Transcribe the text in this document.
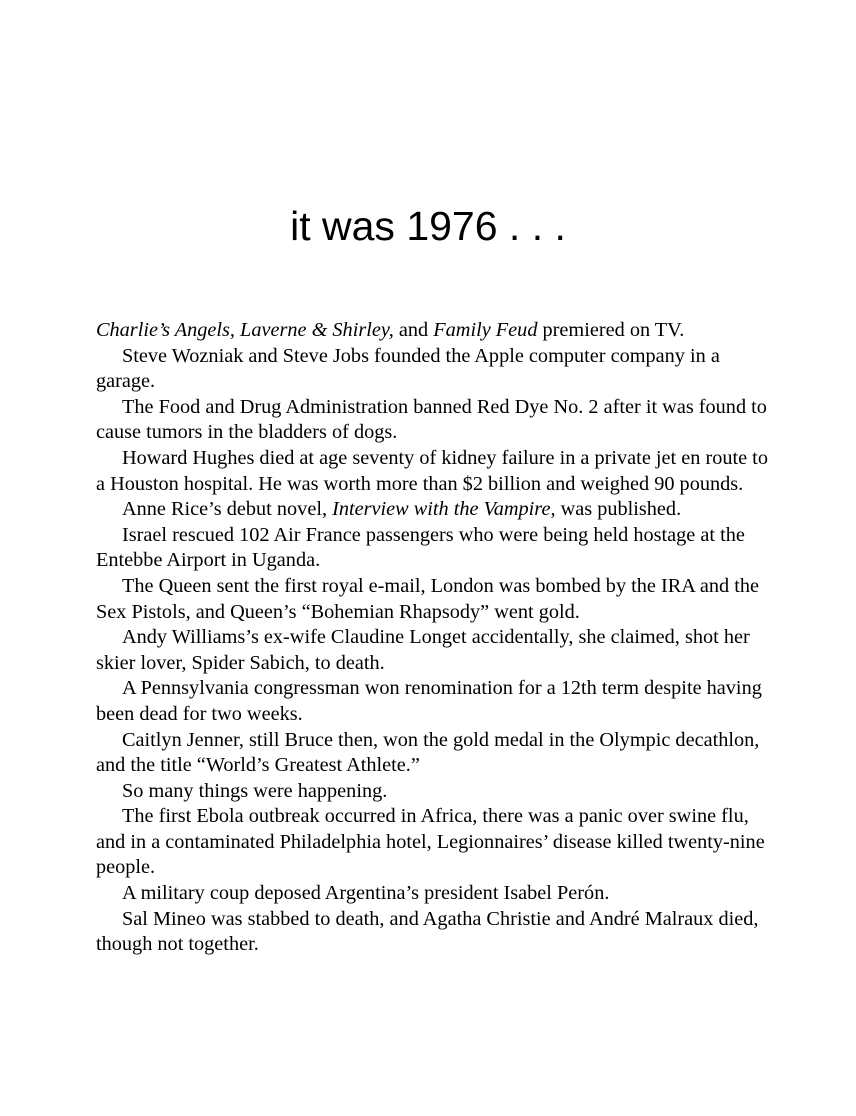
it was 1976 . . .

Charlie’s Angels, Laverne & Shirley, and Family Feud premiered on TV.

Steve Wozniak and Steve Jobs founded the Apple computer company in a garage.

The Food and Drug Administration banned Red Dye No. 2 after it was found to cause tumors in the bladders of dogs.

Howard Hughes died at age seventy of kidney failure in a private jet en route to a Houston hospital. He was worth more than $2 billion and weighed 90 pounds.

Anne Rice’s debut novel, Interview with the Vampire, was published.

Israel rescued 102 Air France passengers who were being held hostage at the Entebbe Airport in Uganda.

The Queen sent the first royal e-mail, London was bombed by the IRA and the Sex Pistols, and Queen’s “Bohemian Rhapsody” went gold.

Andy Williams’s ex-wife Claudine Longet accidentally, she claimed, shot her skier lover, Spider Sabich, to death.

A Pennsylvania congressman won renomination for a 12th term despite having been dead for two weeks.

Caitlyn Jenner, still Bruce then, won the gold medal in the Olympic decathlon, and the title “World’s Greatest Athlete.”

So many things were happening.

The first Ebola outbreak occurred in Africa, there was a panic over swine flu, and in a contaminated Philadelphia hotel, Legionnaires’ disease killed twenty-nine people.

A military coup deposed Argentina’s president Isabel Perón.

Sal Mineo was stabbed to death, and Agatha Christie and André Malraux died, though not together.
